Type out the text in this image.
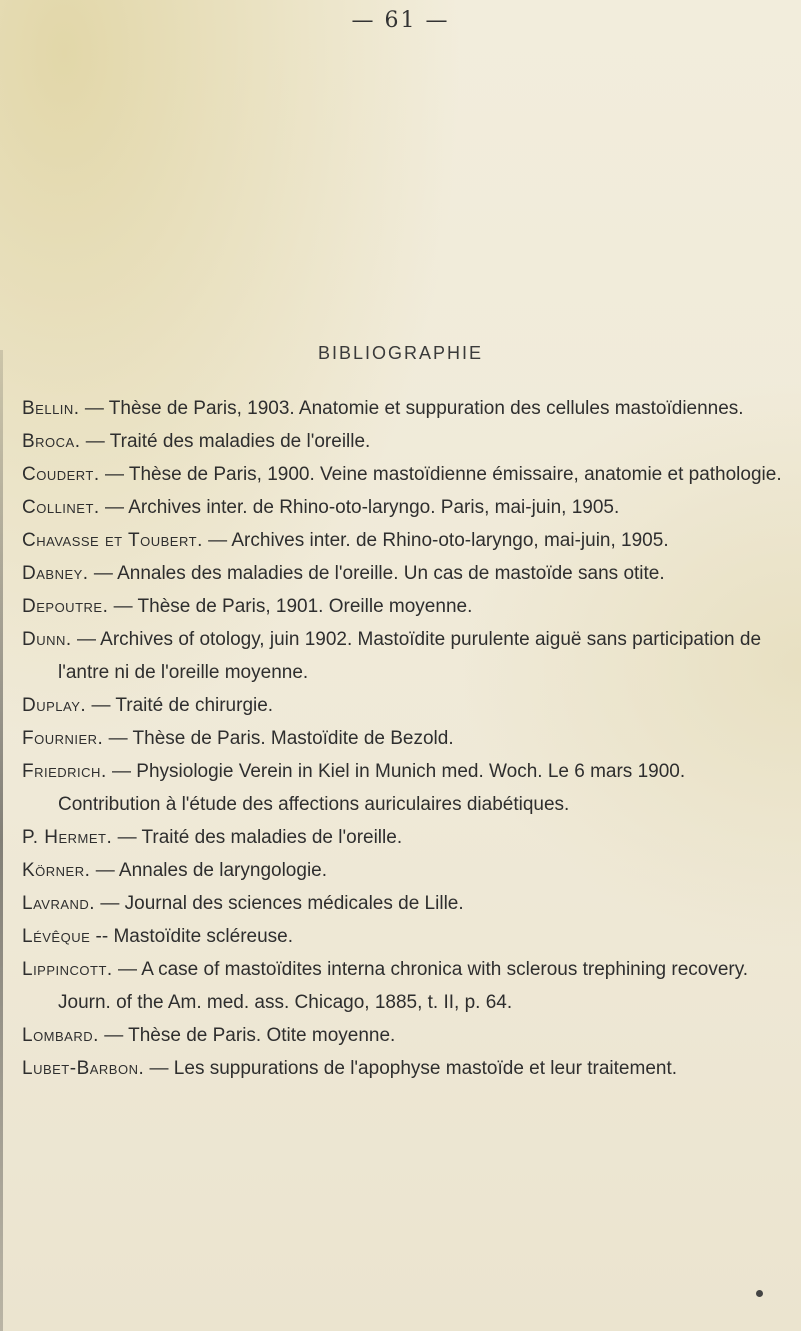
— 61 —
BIBLIOGRAPHIE

Bellin. — Thèse de Paris, 1903. Anatomie et suppuration des cellules mastoïdiennes.

Broca. — Traité des maladies de l'oreille.

Coudert. — Thèse de Paris, 1900. Veine mastoïdienne émissaire, anatomie et pathologie.

Collinet. — Archives inter. de Rhino-oto-laryngo. Paris, mai-juin, 1905.

Chavasse et Toubert. — Archives inter. de Rhino-oto-laryngo, mai-juin, 1905.

Dabney. — Annales des maladies de l'oreille. Un cas de mastoïde sans otite.

Depoutre. — Thèse de Paris, 1901. Oreille moyenne.

Dunn. — Archives of otology, juin 1902. Mastoïdite purulente aiguë sans participation de l'antre ni de l'oreille moyenne.

Duplay. — Traité de chirurgie.

Fournier. — Thèse de Paris. Mastoïdite de Bezold.

Friedrich. — Physiologie Verein in Kiel in Munich med. Woch. Le 6 mars 1900. Contribution à l'étude des affections auriculaires diabétiques.

P. Hermet. — Traité des maladies de l'oreille.

Körner. — Annales de laryngologie.

Lavrand. — Journal des sciences médicales de Lille.

Lévêque -- Mastoïdite scléreuse.

Lippincott. — A case of mastoïdites interna chronica with sclerous trephining recovery. Journ. of the Am. med. ass. Chicago, 1885, t. II, p. 64.

Lombard. — Thèse de Paris. Otite moyenne.

Lubet-Barbon. — Les suppurations de l'apophyse mastoïde et leur traitement.
